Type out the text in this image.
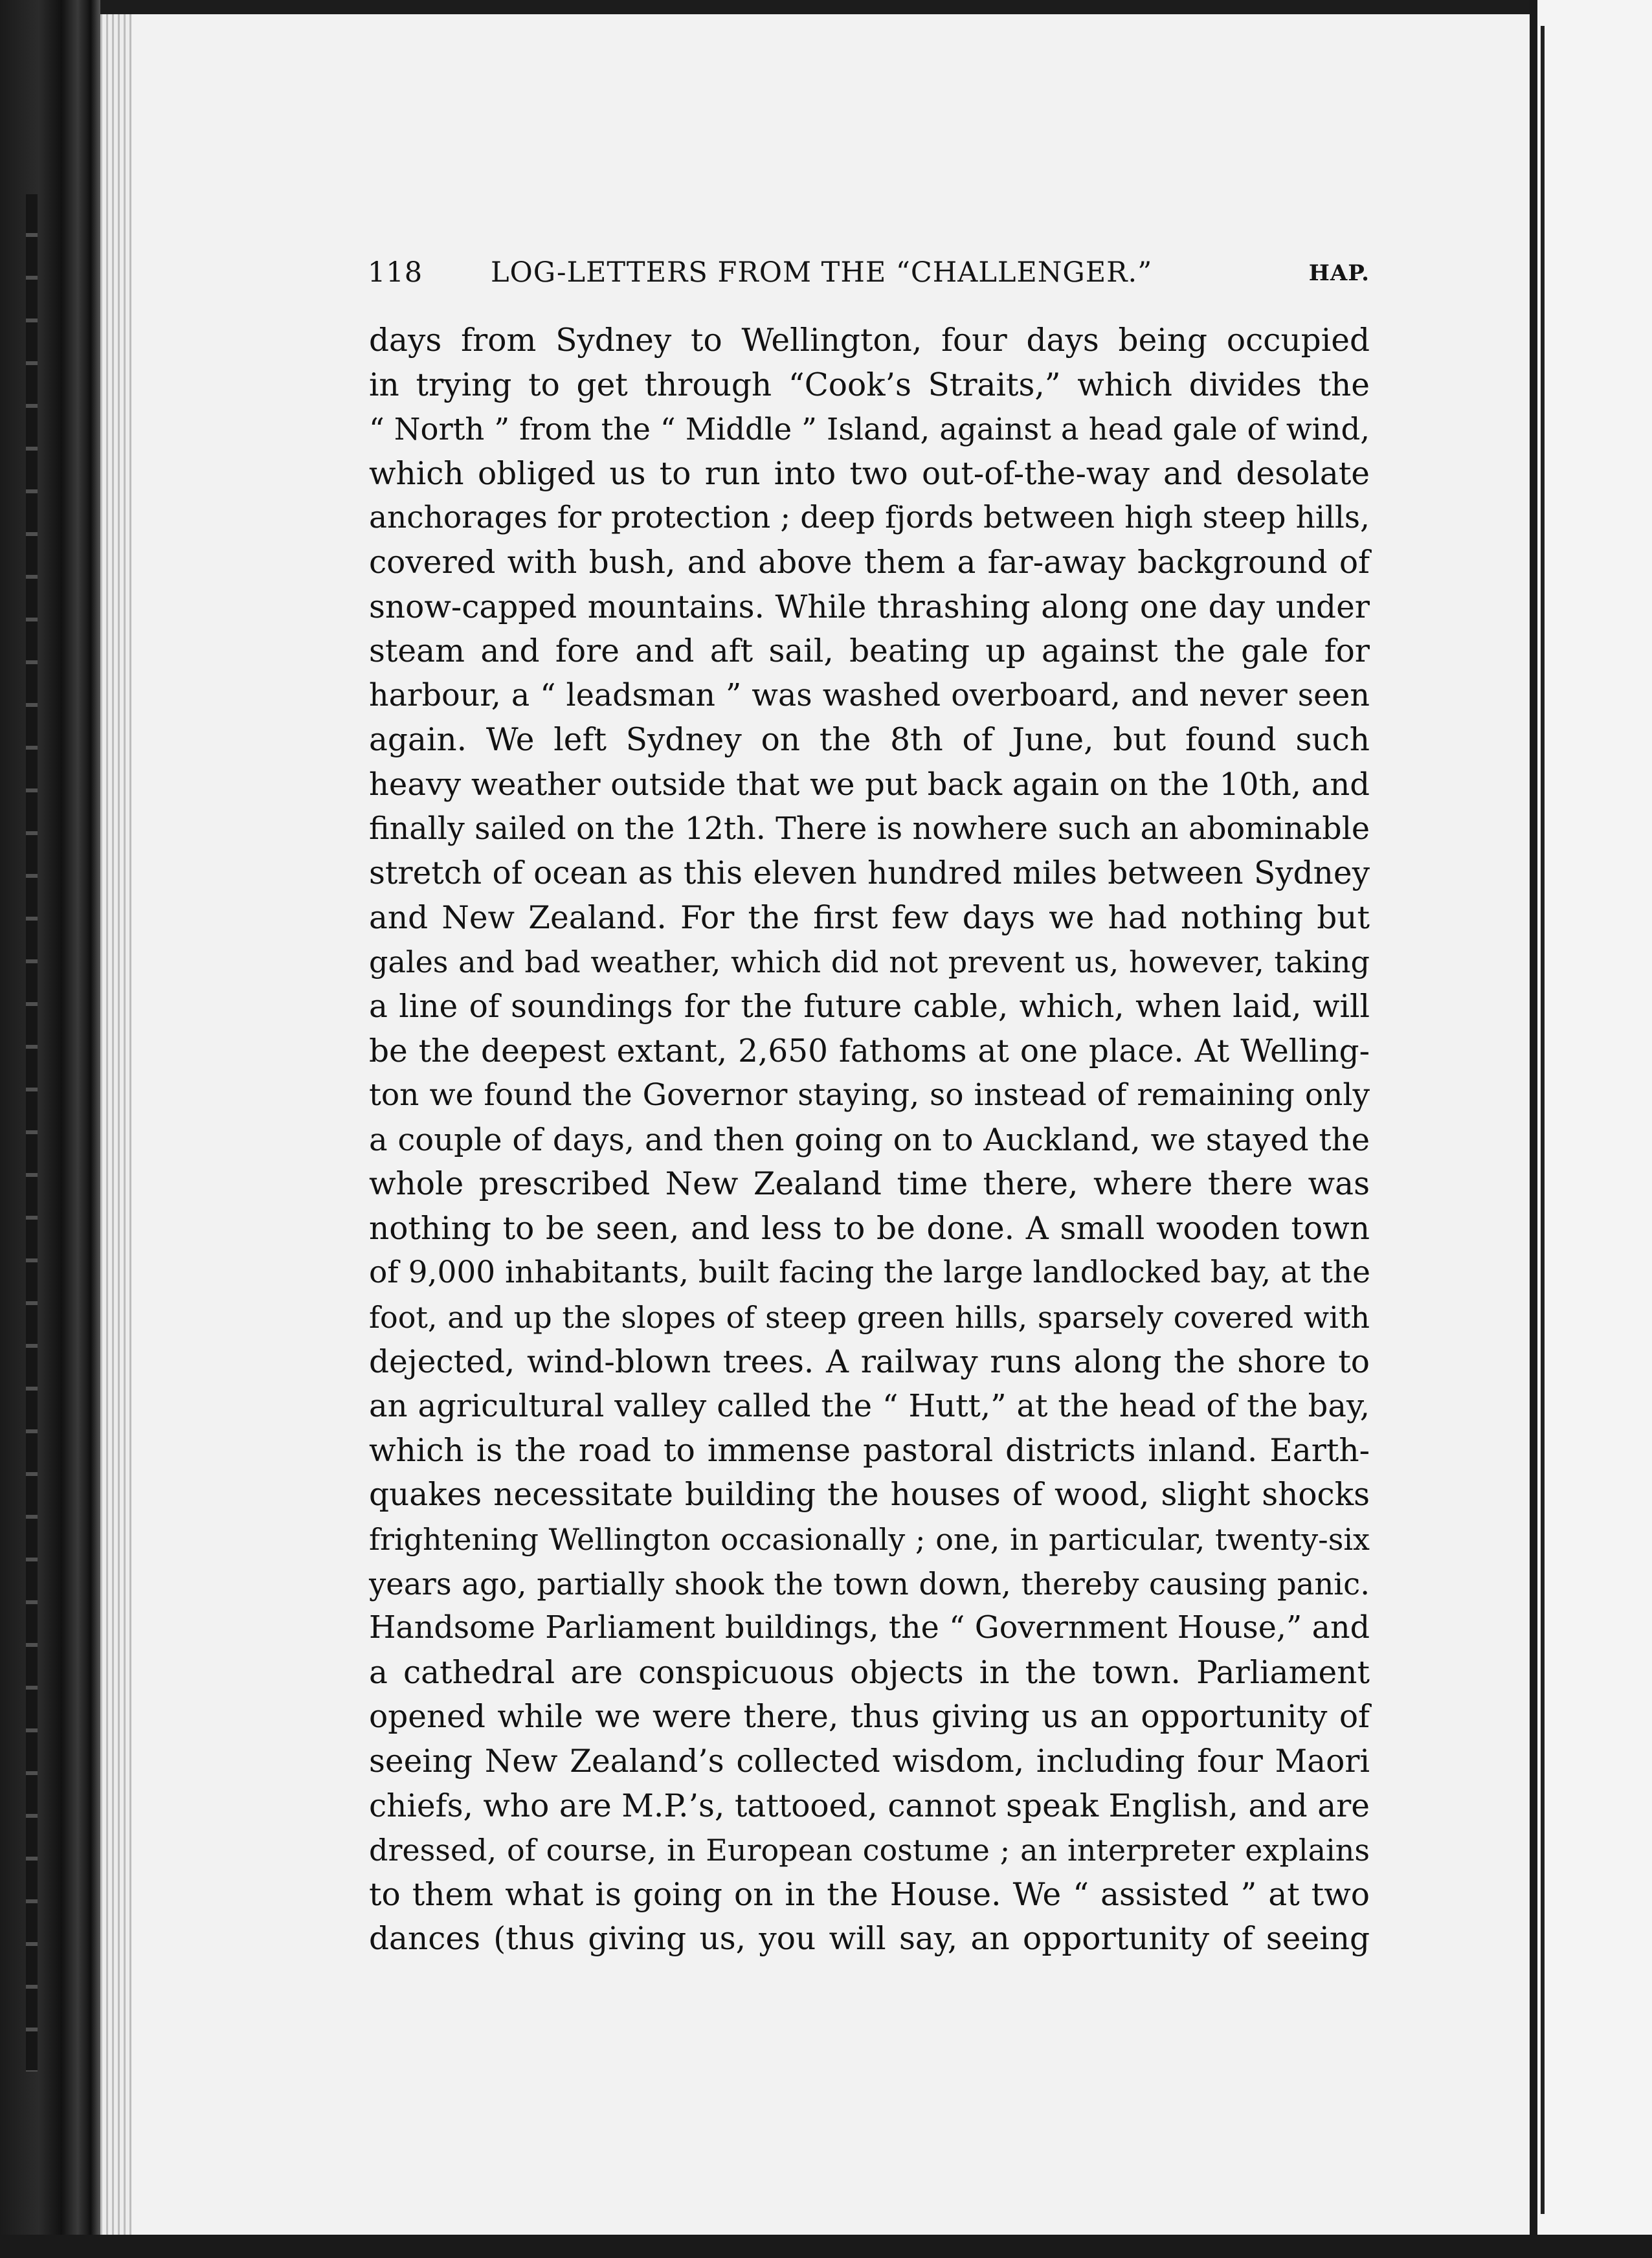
118 LOG-LETTERS FROM THE “CHALLENGER.”	HAP.
days from Sydney to Wellington, four days being occupied
in trying to get through “Cook’s Straits,” which divides the
“ North ” from the “ Middle ” Island, against a head gale of wind,
which obliged us to run into two out-of-the-way and desolate
anchorages for protection ; deep fjords between high steep hills,
covered with bush, and above them a far-away background of
snow-capped mountains. While thrashing along one day under
steam and fore and aft sail, beating up against the gale for
harbour, a “ leadsman ” was washed overboard, and never seen
again. We left Sydney on the 8th of June, but found such
heavy weather outside that we put back again on the 10th, and
finally sailed on the 12th. There is nowhere such an abominable
stretch of ocean as this eleven hundred miles between Sydney
and New Zealand. For the first few days we had nothing but
gales and bad weather, which did not prevent us, however, taking
a line of soundings for the future cable, which, when laid, will
be the deepest extant, 2,650 fathoms at one place. At Welling-
ton we found the Governor staying, so instead of remaining only
a couple of days, and then going on to Auckland, we stayed the
whole prescribed New Zealand time there, where there was
nothing to be seen, and less to be done. A small wooden town
of 9,000 inhabitants, built facing the large landlocked bay, at the
foot, and up the slopes of steep green hills, sparsely covered with
dejected, wind-blown trees. A railway runs along the shore to
an agricultural valley called the “ Hutt,” at the head of the bay,
which is the road to immense pastoral districts inland. Earth-
quakes necessitate building the houses of wood, slight shocks
frightening Wellington occasionally ; one, in particular, twenty-six
years ago, partially shook the town down, thereby causing panic.
Handsome Parliament buildings, the “ Government House,” and
a cathedral are conspicuous objects in the town. Parliament
opened while we were there, thus giving us an opportunity of
seeing New Zealand’s collected wisdom, including four Maori
chiefs, who are M.P.’s, tattooed, cannot speak English, and are
dressed, of course, in European costume ; an interpreter explains
to them what is going on in the House. We “ assisted ” at two
dances (thus giving us, you will say, an opportunity of seeing
